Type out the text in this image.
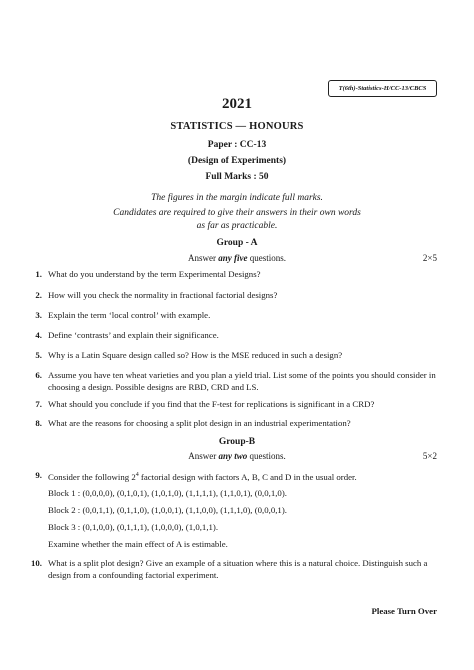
T(6th)-Statistics-H/CC-13/CBCS
2021
STATISTICS — HONOURS
Paper : CC-13
(Design of Experiments)
Full Marks : 50
The figures in the margin indicate full marks.
Candidates are required to give their answers in their own words
as far as practicable.
Group - A
Answer any five questions.	2×5
1. What do you understand by the term Experimental Designs?
2. How will you check the normality in fractional factorial designs?
3. Explain the term ‘local control’ with example.
4. Define ‘contrasts’ and explain their significance.
5. Why is a Latin Square design called so? How is the MSE reduced in such a design?
6. Assume you have ten wheat varieties and you plan a yield trial. List some of the points you should consider in choosing a design. Possible designs are RBD, CRD and LS.
7. What should you conclude if you find that the F-test for replications is significant in a CRD?
8. What are the reasons for choosing a split plot design in an industrial experimentation?
Group-B
Answer any two questions.	5×2
9. Consider the following $2^4$ factorial design with factors A, B, C and D in the usual order.
Block 1 : (0,0,0,0), (0,1,0,1), (1,0,1,0), (1,1,1,1), (1,1,0,1), (0,0,1,0).
Block 2 : (0,0,1,1), (0,1,1,0), (1,0,0,1), (1,1,0,0), (1,1,1,0), (0,0,0,1).
Block 3 : (0,1,0,0), (0,1,1,1), (1,0,0,0), (1,0,1,1).
Examine whether the main effect of A is estimable.
10. What is a split plot design? Give an example of a situation where this is a natural choice. Distinguish such a design from a confounding factorial experiment.
Please Turn Over
